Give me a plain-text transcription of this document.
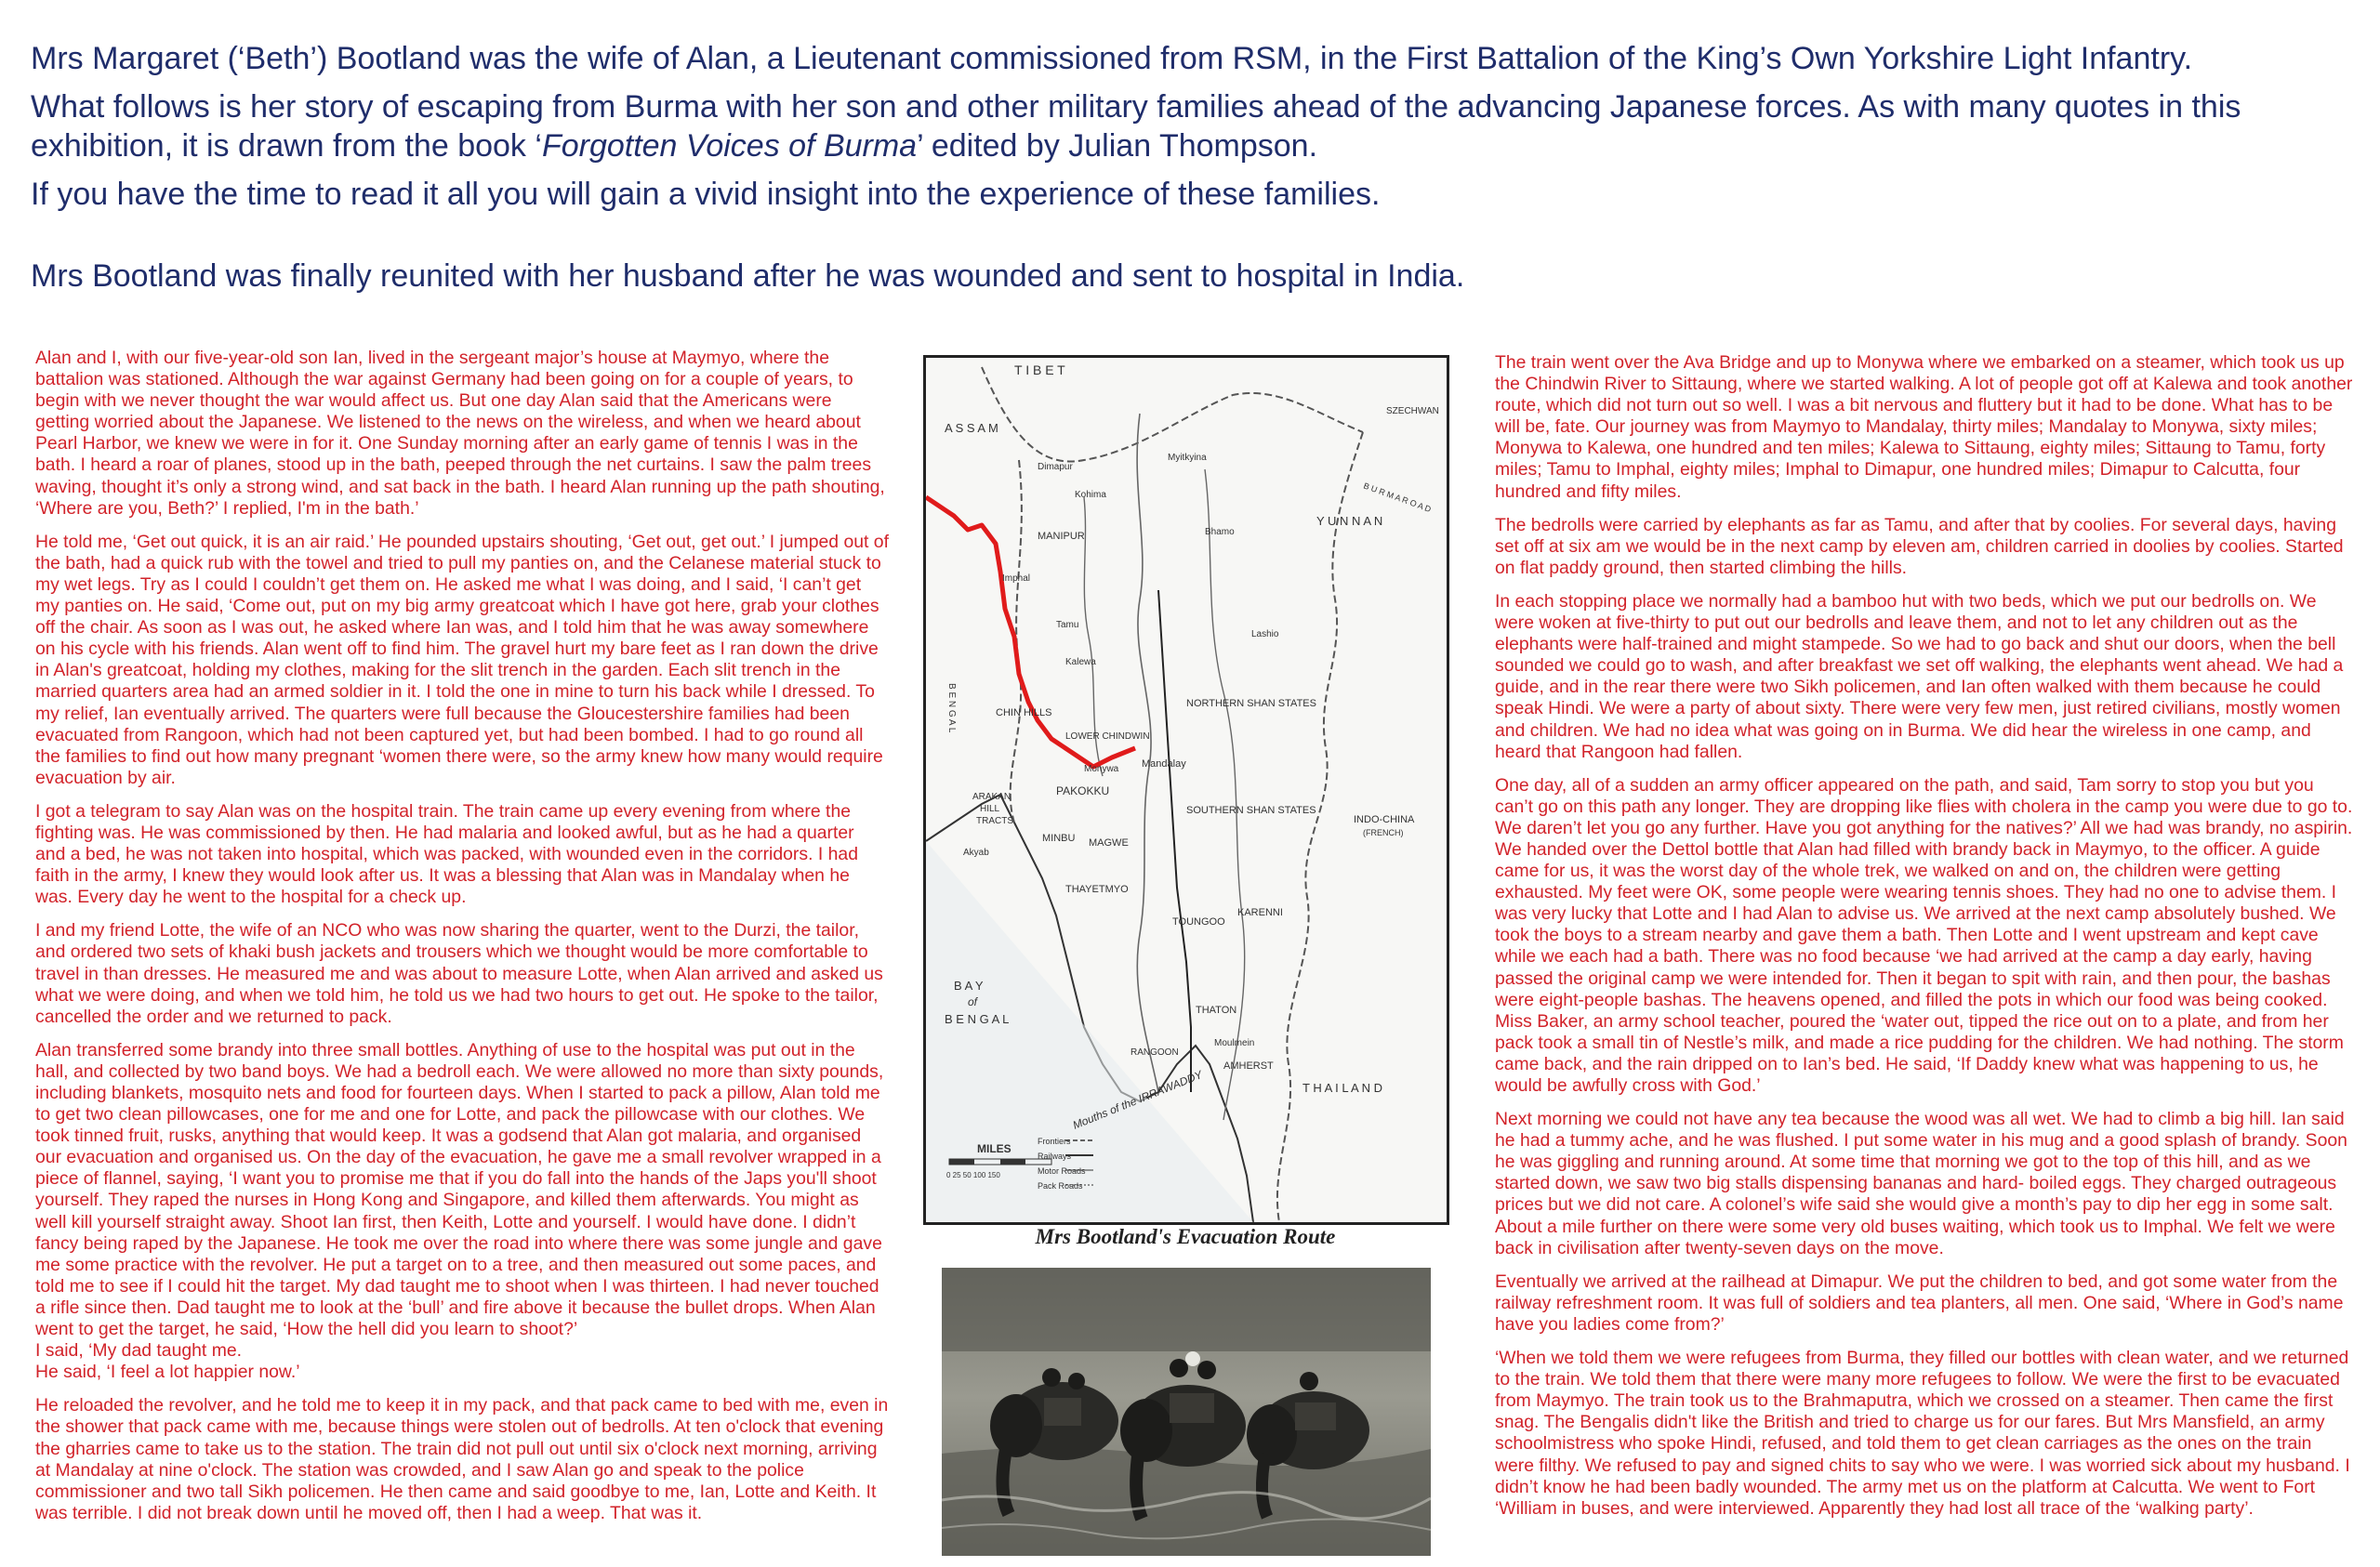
Mrs Margaret (‘Beth’) Bootland was the wife of Alan, a Lieutenant commissioned from RSM, in the First Battalion of the King’s Own Yorkshire Light Infantry.

What follows is her story of escaping from Burma with her son and other military families ahead of the advancing Japanese forces. As with many quotes in this exhibition, it is drawn from the book ‘Forgotten Voices of Burma’ edited by Julian Thompson.

If you have the time to read it all you will gain a vivid insight into the experience of these families.

Mrs Bootland was finally reunited with her husband after he was wounded and sent to hospital in India.

Alan and I, with our five-year-old son Ian, lived in the sergeant major’s house at Maymyo, where the battalion was stationed. Although the war against Germany had been going on for a couple of years, to begin with we never thought the war would affect us. But one day Alan said that the Americans were getting worried about the Japanese. We listened to the news on the wireless, and when we heard about Pearl Harbor, we knew we were in for it. One Sunday morning after an early game of tennis I was in the bath. I heard a roar of planes, stood up in the bath, peeped through the net curtains. I saw the palm trees waving, thought it’s only a strong wind, and sat back in the bath. I heard Alan running up the path shouting, ‘Where are you, Beth?’ I replied, I'm in the bath.’

He told me, ‘Get out quick, it is an air raid.’ He pounded upstairs shouting, ‘Get out, get out.’ I jumped out of the bath, had a quick rub with the towel and tried to pull my panties on, and the Celanese material stuck to my wet legs. Try as I could I couldn’t get them on. He asked me what I was doing, and I said, ‘I can’t get my panties on. He said, ‘Come out, put on my big army greatcoat which I have got here, grab your clothes off the chair. As soon as I was out, he asked where Ian was, and I told him that he was away somewhere on his cycle with his friends. Alan went off to find him. The gravel hurt my bare feet as I ran down the drive in Alan's greatcoat, holding my clothes, making for the slit trench in the garden. Each slit trench in the married quarters area had an armed soldier in it. I told the one in mine to turn his back while I dressed. To my relief, Ian eventually arrived. The quarters were full because the Gloucestershire families had been evacuated from Rangoon, which had not been captured yet, but had been bombed. I had to go round all the families to find out how many pregnant ‘women there were, so the army knew how many would require evacuation by air.

I got a telegram to say Alan was on the hospital train. The train came up every evening from where the fighting was. He was commissioned by then. He had malaria and looked awful, but as he had a quarter and a bed, he was not taken into hospital, which was packed, with wounded even in the corridors. I had faith in the army, I knew they would look after us. It was a blessing that Alan was in Mandalay when he was. Every day he went to the hospital for a check up.

I and my friend Lotte, the wife of an NCO who was now sharing the quarter, went to the Durzi, the tailor, and ordered two sets of khaki bush jackets and trousers which we thought would be more comfortable to travel in than dresses. He measured me and was about to measure Lotte, when Alan arrived and asked us what we were doing, and when we told him, he told us we had two hours to get out. He spoke to the tailor, cancelled the order and we returned to pack.

Alan transferred some brandy into three small bottles. Anything of use to the hospital was put out in the hall, and collected by two band boys. We had a bedroll each. We were allowed no more than sixty pounds, including blankets, mosquito nets and food for fourteen days. When I started to pack a pillow, Alan told me to get two clean pillowcases, one for me and one for Lotte, and pack the pillowcase with our clothes. We took tinned fruit, rusks, anything that would keep. It was a godsend that Alan got malaria, and organised our evacuation and organised us. On the day of the evacuation, he gave me a small revolver wrapped in a piece of flannel, saying, ‘I want you to promise me that if you do fall into the hands of the Japs you'll shoot yourself. They raped the nurses in Hong Kong and Singapore, and killed them afterwards. You might as well kill yourself straight away. Shoot Ian first, then Keith, Lotte and yourself. I would have done. I didn’t fancy being raped by the Japanese. He took me over the road into where there was some jungle and gave me some practice with the revolver. He put a target on to a tree, and then measured out some paces, and told me to see if I could hit the target. My dad taught me to shoot when I was thirteen. I had never touched a rifle since then. Dad taught me to look at the ‘bull’ and fire above it because the bullet drops. When Alan went to get the target, he said, ‘How the hell did you learn to shoot?’
I said, ‘My dad taught me.
He said, ‘I feel a lot happier now.’

He reloaded the revolver, and he told me to keep it in my pack, and that pack came to bed with me, even in the shower that pack came with me, because things were stolen out of bedrolls. At ten o'clock that evening the gharries came to take us to the station. The train did not pull out until six o'clock next morning, arriving at Mandalay at nine o'clock. The station was crowded, and I saw Alan go and speak to the police commissioner and two tall Sikh policemen. He then came and said goodbye to me, Ian, Lotte and Keith. It was terrible. I did not break down until he moved off, then I had a weep. That was it.

The train went over the Ava Bridge and up to Monywa where we embarked on a steamer, which took us up the Chindwin River to Sittaung, where we started walking. A lot of people got off at Kalewa and took another route, which did not turn out so well. I was a bit nervous and fluttery but it had to be done. What has to be will be, fate. Our journey was from Maymyo to Mandalay, thirty miles; Mandalay to Monywa, sixty miles; Monywa to Kalewa, one hundred and ten miles; Kalewa to Sittaung, eighty miles; Sittaung to Tamu, forty miles; Tamu to Imphal, eighty miles; Imphal to Dimapur, one hundred miles; Dimapur to Calcutta, four hundred and fifty miles.

The bedrolls were carried by elephants as far as Tamu, and after that by coolies. For several days, having set off at six am we would be in the next camp by eleven am, children carried in doolies by coolies. Started on flat paddy ground, then started climbing the hills.

In each stopping place we normally had a bamboo hut with two beds, which we put our bedrolls on. We were woken at five-thirty to put out our bedrolls and leave them, and not to let any children out as the elephants were half-trained and might stampede. So we had to go back and shut our doors, when the bell sounded we could go to wash, and after breakfast we set off walking, the elephants went ahead. We had a guide, and in the rear there were two Sikh policemen, and Ian often walked with them because he could speak Hindi. We were a party of about sixty. There were very few men, just retired civilians, mostly women and children. We had no idea what was going on in Burma. We did hear the wireless in one camp, and heard that Rangoon had fallen.

One day, all of a sudden an army officer appeared on the path, and said, Tam sorry to stop you but you can’t go on this path any longer. They are dropping like flies with cholera in the camp you were due to go to. We daren’t let you go any further. Have you got anything for the natives?’ All we had was brandy, no aspirin. We handed over the Dettol bottle that Alan had filled with brandy back in Maymyo, to the officer. A guide came for us, it was the worst day of the whole trek, we walked on and on, the children were getting exhausted. My feet were OK, some people were wearing tennis shoes. They had no one to advise them. I was very lucky that Lotte and I had Alan to advise us. We arrived at the next camp absolutely bushed. We took the boys to a stream nearby and gave them a bath. Then Lotte and I went upstream and kept cave while we each had a bath. There was no food because ‘we had arrived at the camp a day early, having passed the original camp we were intended for. Then it began to spit with rain, and then pour, the bashas were eight-people bashas. The heavens opened, and filled the pots in which our food was being cooked. Miss Baker, an army school teacher, poured the ‘water out, tipped the rice out on to a plate, and from her pack took a small tin of Nestle’s milk, and made a rice pudding for the children. We had nothing. The storm came back, and the rain dripped on to Ian’s bed. He said, ‘If Daddy knew what was happening to us, he would be awfully cross with God.’

Next morning we could not have any tea because the wood was all wet. We had to climb a big hill. Ian said he had a tummy ache, and he was flushed. I put some water in his mug and a good splash of brandy. Soon he was giggling and running around. At some time that morning we got to the top of this hill, and as we started down, we saw two big stalls dispensing bananas and hard- boiled eggs. They charged outrageous prices but we did not care. A colonel’s wife said she would give a month’s pay to dip her egg in some salt. About a mile further on there were some very old buses waiting, which took us to Imphal. We felt we were back in civilisation after twenty-seven days on the move.

Eventually we arrived at the railhead at Dimapur. We put the children to bed, and got some water from the railway refreshment room. It was full of soldiers and tea planters, all men. One said, ‘Where in God’s name have you ladies come from?’

‘When we told them we were refugees from Burma, they filled our bottles with clean water, and we returned to the train. We told them that there were many more refugees to follow. We were the first to be evacuated from Maymyo. The train took us to the Brahmaputra, which we crossed on a steamer. Then came the first snag. The Bengalis didn't like the British and tried to charge us for our fares. But Mrs Mansfield, an army schoolmistress who spoke Hindi, refused, and told them to get clean carriages as the ones on the train were filthy. We refused to pay and signed chits to say who we were. I was worried sick about my husband. I didn’t know he had been badly wounded. The army met us on the platform at Calcutta. We went to Fort ‘William in buses, and were interviewed. Apparently they had lost all trace of the ‘walking party’.

T I B E T
A S S A M
SZECHWAN
Y U N N A N
B U R M A R O A D
MANIPUR
Imphal
Kohima
Dimapur
Tamu
Kalewa
Myitkyina
Bhamo
Lashio
B E N G A L	CHIN HILLS
NORTHERN SHAN STATES
LOWER CHINDWIN
Monywa Mandalay
PAKOKKU
SOUTHERN SHAN STATES
INDO-CHINA
(FRENCH)
ARAKAN
HILL
TRACTS
Akyab
MINBU MAGWE
THAYETMYO
TOUNGOO
KARENNI
B A Y
of
B E N G A L
RANGOON
THATON
Moulmein
AMHERST
T H A I L A N D
Mouths of the IRRAWADDY
MILES
0 25 50 100 150
Frontiers
Railways
Motor Roads
Pack Roads
Mrs Bootland's Evacuation Route
